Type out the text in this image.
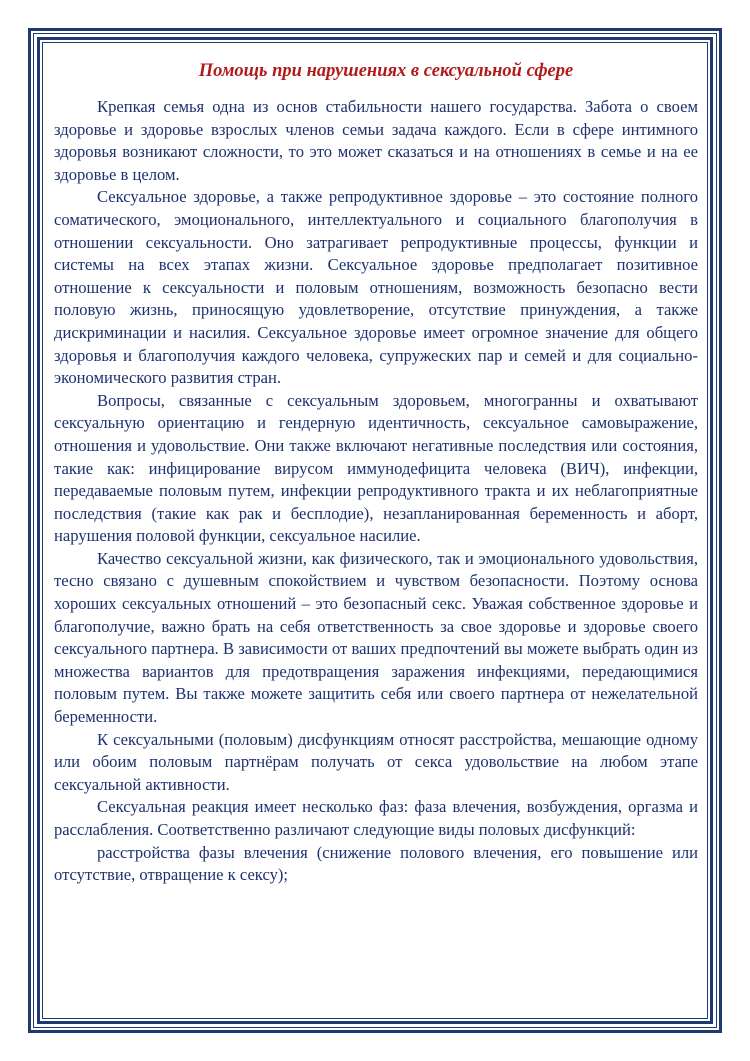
Помощь при нарушениях в сексуальной сфере

Крепкая семья одна из основ стабильности нашего государства. Забота о своем здоровье и здоровье взрослых членов семьи задача каждого. Если в сфере интимного здоровья возникают сложности, то это может сказаться и на отношениях в семье и на ее здоровье в целом.

Сексуальное здоровье, а также репродуктивное здоровье – это состояние полного соматического, эмоционального, интеллектуального и социального благополучия в отношении сексуальности. Оно затрагивает репродуктивные процессы, функции и системы на всех этапах жизни. Сексуальное здоровье предполагает позитивное отношение к сексуальности и половым отношениям, возможность безопасно вести половую жизнь, приносящую удовлетворение, отсутствие принуждения, а также дискриминации и насилия. Сексуальное здоровье имеет огромное значение для общего здоровья и благополучия каждого человека, супружеских пар и семей и для социально-экономического развития стран.

Вопросы, связанные с сексуальным здоровьем, многогранны и охватывают сексуальную ориентацию и гендерную идентичность, сексуальное самовыражение, отношения и удовольствие. Они также включают негативные последствия или состояния, такие как: инфицирование вирусом иммунодефицита человека (ВИЧ), инфекции, передаваемые половым путем, инфекции репродуктивного тракта и их неблагоприятные последствия (такие как рак и бесплодие), незапланированная беременность и аборт, нарушения половой функции, сексуальное насилие.

Качество сексуальной жизни, как физического, так и эмоционального удовольствия, тесно связано с душевным спокойствием и чувством безопасности. Поэтому основа хороших сексуальных отношений – это безопасный секс. Уважая собственное здоровье и благополучие, важно брать на себя ответственность за свое здоровье и здоровье своего сексуального партнера. В зависимости от ваших предпочтений вы можете выбрать один из множества вариантов для предотвращения заражения инфекциями, передающимися половым путем. Вы также можете защитить себя или своего партнера от нежелательной беременности.

К сексуальными (половым) дисфункциям относят расстройства, мешающие одному или обоим половым партнёрам получать от секса удовольствие на любом этапе сексуальной активности.

Сексуальная реакция имеет несколько фаз: фаза влечения, возбуждения, оргазма и расслабления. Соответственно различают следующие виды половых дисфункций:

расстройства фазы влечения (снижение полового влечения, его повышение или отсутствие, отвращение к сексу);
